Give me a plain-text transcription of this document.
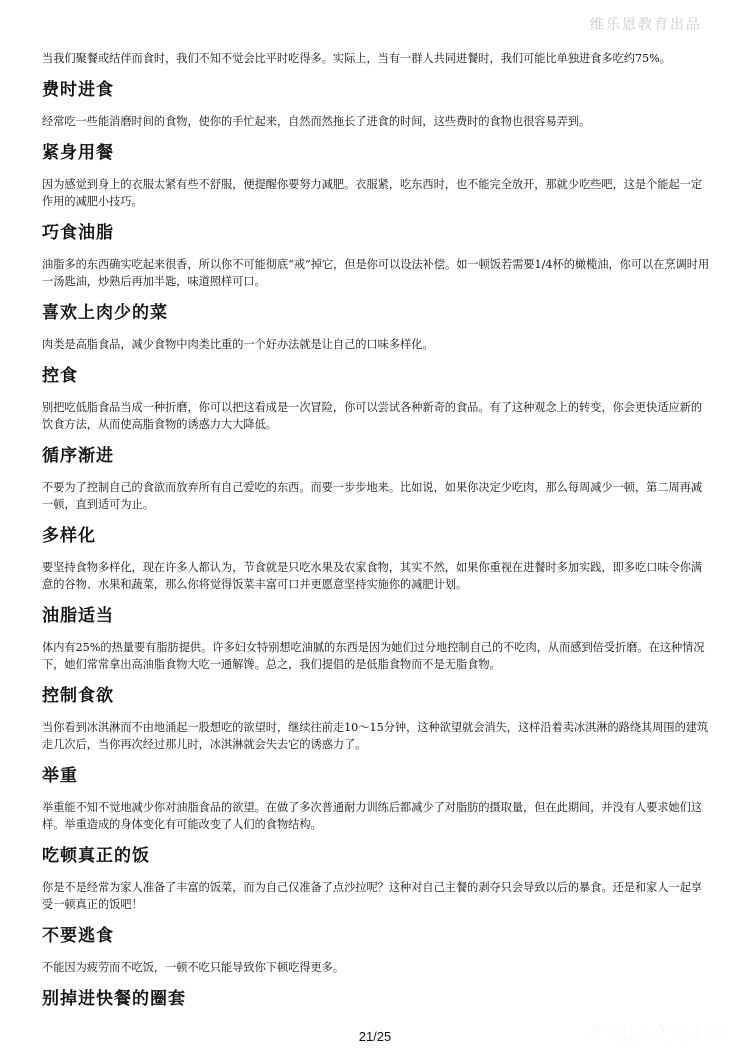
维乐恩教育出品

当我们聚餐或结伴而食时，我们不知不觉会比平时吃得多。实际上，当有一群人共同进餐时，我们可能比单独进食多吃约75%。

费时进食

经常吃一些能消磨时间的食物，使你的手忙起来，自然而然拖长了进食的时间，这些费时的食物也很容易弄到。

紧身用餐

因为感觉到身上的衣服太紧有些不舒服，便提醒你要努力减肥。衣服紧，吃东西时，也不能完全放开，那就少吃些吧，这是个能起一定作用的减肥小技巧。

巧食油脂

油脂多的东西确实吃起来很香，所以你不可能彻底“戒”掉它，但是你可以设法补偿。如一顿饭若需要1/4杯的橄榄油，你可以在烹调时用一汤匙油，炒熟后再加半匙，味道照样可口。

喜欢上肉少的菜

肉类是高脂食品，减少食物中肉类比重的一个好办法就是让自己的口味多样化。

控食

别把吃低脂食品当成一种折磨，你可以把这看成是一次冒险，你可以尝试各种新奇的食品。有了这种观念上的转变，你会更快适应新的饮食方法，从而使高脂食物的诱惑力大大降低。

循序渐进

不要为了控制自己的食欲而放弃所有自己爱吃的东西。而要一步步地来。比如说，如果你决定少吃肉，那么每周减少一顿，第二周再减一顿，直到适可为止。

多样化

要坚持食物多样化，现在许多人都认为，节食就是只吃水果及农家食物，其实不然，如果你重视在进餐时多加实践，即多吃口味令你满意的谷物、水果和蔬菜，那么你将觉得饭菜丰富可口并更愿意坚持实施你的减肥计划。

油脂适当

体内有25%的热量要有脂肪提供。许多妇女特别想吃油腻的东西是因为她们过分地控制自己的不吃肉，从而感到倍受折磨。在这种情况下，她们常常拿出高油脂食物大吃一通解馋。总之，我们提倡的是低脂食物而不是无脂食物。

控制食欲

当你看到冰淇淋而不由地涌起一股想吃的欲望时，继续往前走10～15分钟，这种欲望就会消失，这样沿着卖冰淇淋的路绕其周围的建筑走几次后，当你再次经过那儿时，冰淇淋就会失去它的诱惑力了。

举重

举重能不知不觉地减少你对油脂食品的欲望。在做了多次普通耐力训练后都减少了对脂肪的摄取量，但在此期间，并没有人要求她们这样。举重造成的身体变化有可能改变了人们的食物结构。

吃顿真正的饭

你是不是经常为家人准备了丰富的饭菜，而为自己仅准备了点沙拉呢？这种对自己主餐的剥夺只会导致以后的暴食。还是和家人一起享受一顿真正的饭吧！

不要逃食

不能因为疲劳而不吃饭，一顿不吃只能导致你下顿吃得更多。

别掉进快餐的圈套

21/25	维乐恩教育出品
